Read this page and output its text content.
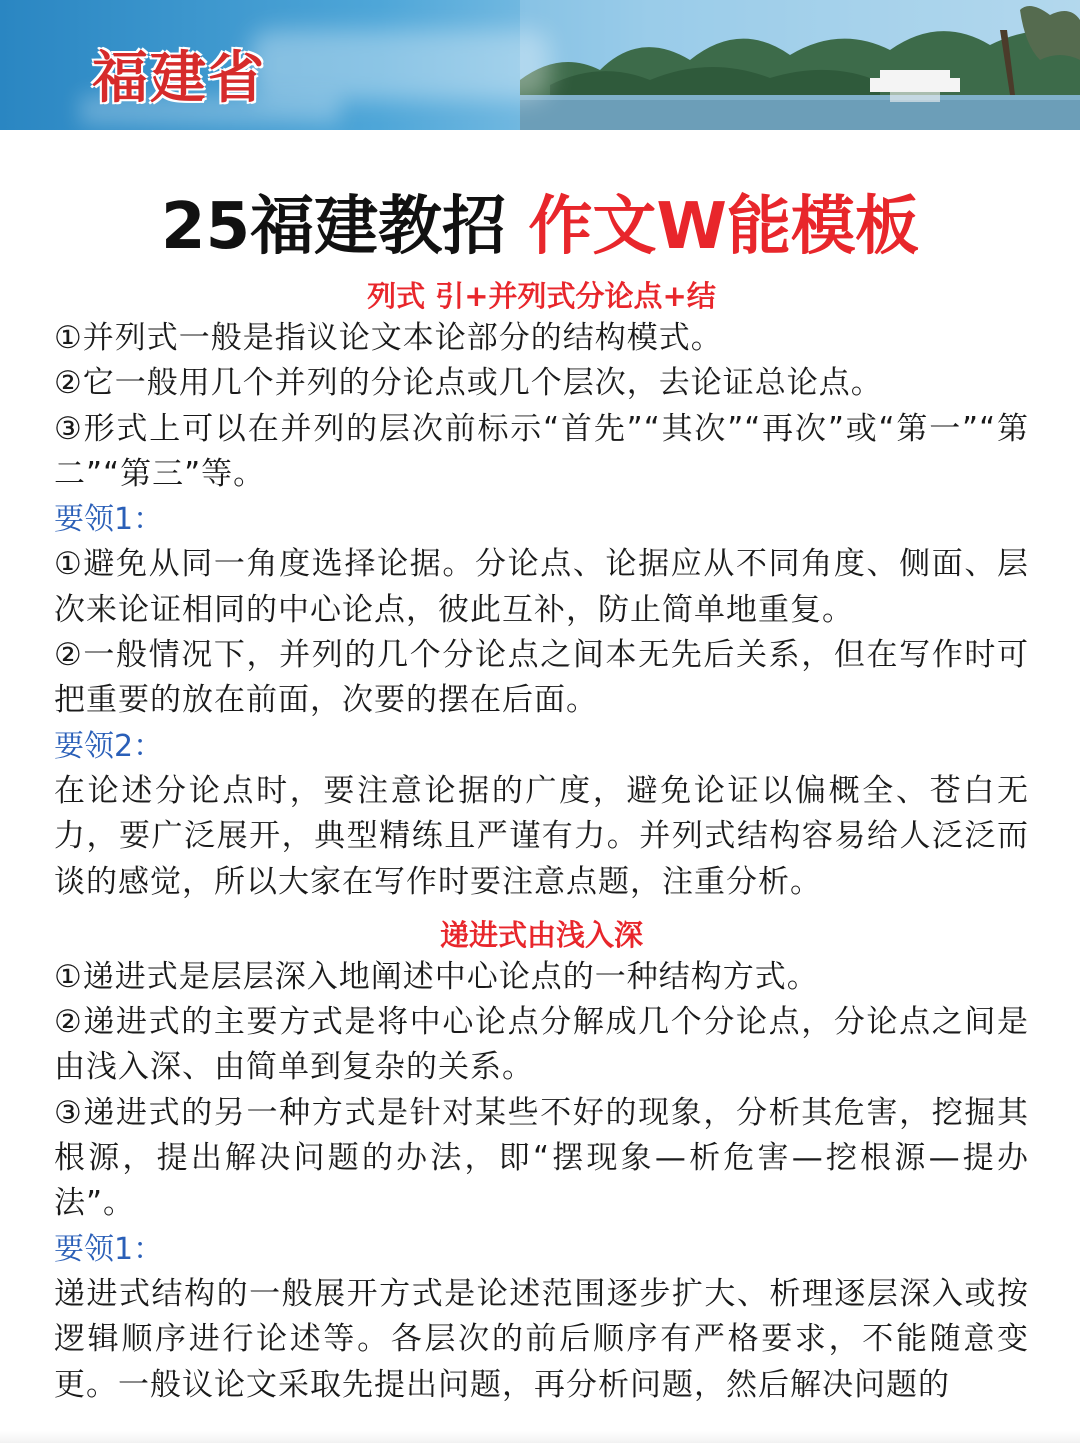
福建省
25福建教招 作文W能模板

列式 引+并列式分论点+结

①并列式一般是指议论文本论部分的结构模式。

②它一般用几个并列的分论点或几个层次，去论证总论点。

③形式上可以在并列的层次前标示“首先”“其次”“再次”或“第一”“第二”“第三”等。

要领1：

①避免从同一角度选择论据。分论点、论据应从不同角度、侧面、层次来论证相同的中心论点，彼此互补，防止简单地重复。

②一般情况下，并列的几个分论点之间本无先后关系，但在写作时可把重要的放在前面，次要的摆在后面。

要领2：

在论述分论点时，要注意论据的广度，避免论证以偏概全、苍白无力，要广泛展开，典型精练且严谨有力。并列式结构容易给人泛泛而谈的感觉，所以大家在写作时要注意点题，注重分析。

递进式由浅入深

①递进式是层层深入地阐述中心论点的一种结构方式。

②递进式的主要方式是将中心论点分解成几个分论点，分论点之间是由浅入深、由简单到复杂的关系。

③递进式的另一种方式是针对某些不好的现象，分析其危害，挖掘其根源，提出解决问题的办法，即“摆现象—析危害—挖根源—提办法”。

要领1：

递进式结构的一般展开方式是论述范围逐步扩大、析理逐层深入或按逻辑顺序进行论述等。各层次的前后顺序有严格要求，不能随意变更。一般议论文采取先提出问题，再分析问题，然后解决问题的
